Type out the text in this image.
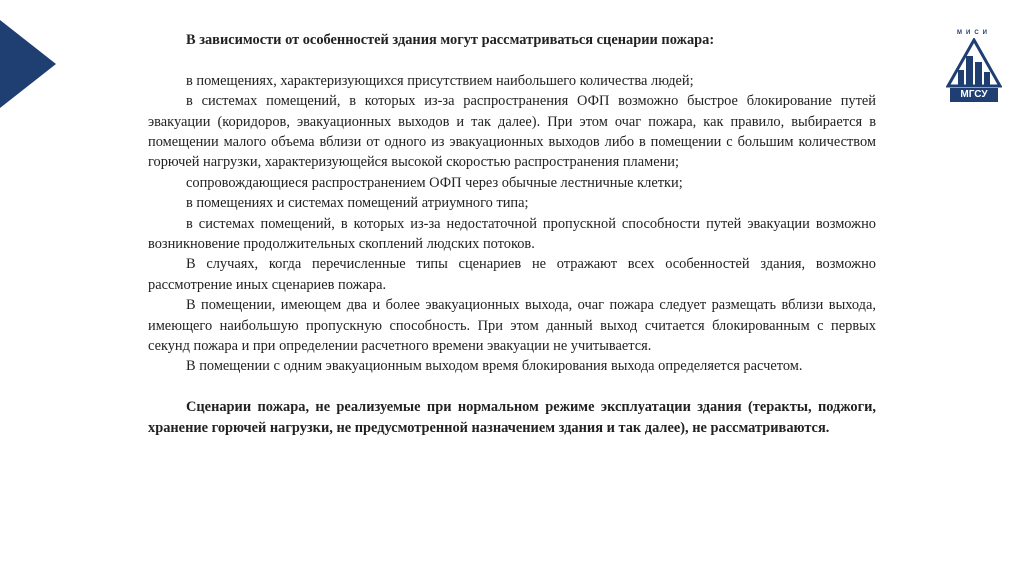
МИСИ
МГСУ

В зависимости от особенностей здания могут рассматриваться сценарии пожара:

в помещениях, характеризующихся присутствием наибольшего количества людей;

в системах помещений, в которых из-за распространения ОФП возможно быстрое блокирование путей эвакуации (коридоров, эвакуационных выходов и так далее). При этом очаг пожара, как правило, выбирается в помещении малого объема вблизи от одного из эвакуационных выходов либо в помещении с большим количеством горючей нагрузки, характеризующейся высокой скоростью распространения пламени;

сопровождающиеся распространением ОФП через обычные лестничные клетки;

в помещениях и системах помещений атриумного типа;

в системах помещений, в которых из-за недостаточной пропускной способности путей эвакуации возможно возникновение продолжительных скоплений людских потоков.

В случаях, когда перечисленные типы сценариев не отражают всех особенностей здания, возможно рассмотрение иных сценариев пожара.

В помещении, имеющем два и более эвакуационных выхода, очаг пожара следует размещать вблизи выхода, имеющего наибольшую пропускную способность. При этом данный выход считается блокированным с первых секунд пожара и при определении расчетного времени эвакуации не учитывается.

В помещении с одним эвакуационным выходом время блокирования выхода определяется расчетом.

Сценарии пожара, не реализуемые при нормальном режиме эксплуатации здания (теракты, поджоги, хранение горючей нагрузки, не предусмотренной назначением здания и так далее), не рассматриваются.
